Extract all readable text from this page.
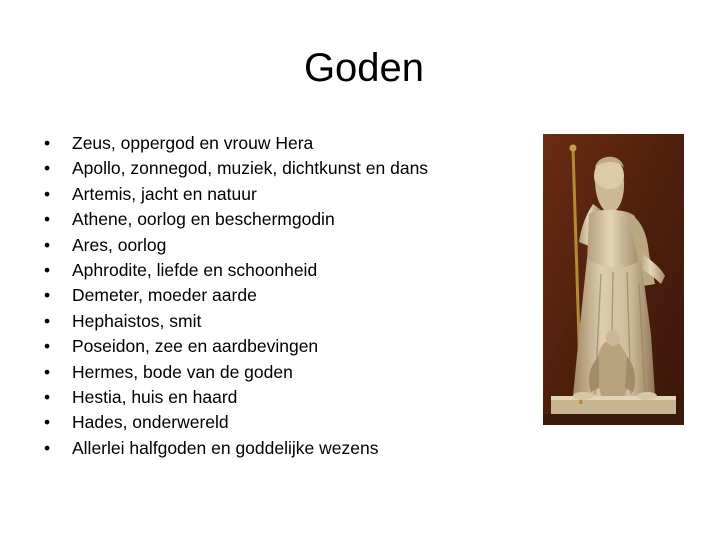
Goden
• Zeus, oppergod en vrouw Hera
• Apollo, zonnegod, muziek, dichtkunst en dans
• Artemis, jacht en natuur
• Athene, oorlog en beschermgodin
• Ares, oorlog
• Aphrodite, liefde en schoonheid
• Demeter, moeder aarde
• Hephaistos, smit
• Poseidon, zee en aardbevingen
• Hermes, bode van de goden
• Hestia, huis en haard
• Hades, onderwereld
• Allerlei halfgoden en goddelijke wezens
